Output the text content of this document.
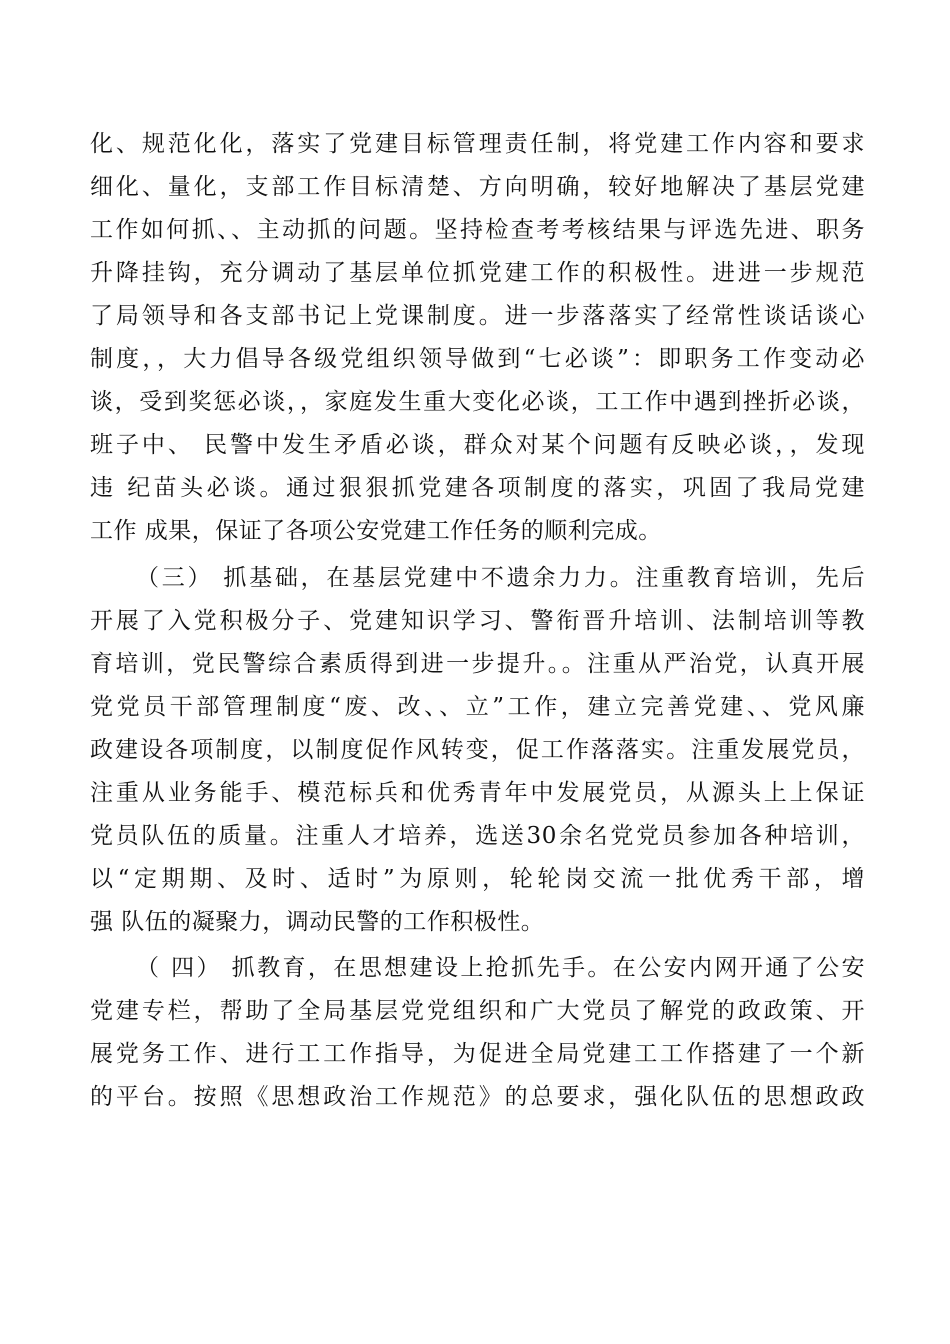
化、规范化化，落实了党建目标管理责任制，将党建工作内容和要求
细化、量化，支部工作目标清楚、方向明确，较好地解决了基层党建
工作如何抓、、主动抓的问题。坚持检查考考核结果与评选先进、职务
升降挂钩，充分调动了基层单位抓党建工作的积极性。进进一步规范
了局领导和各支部书记上党课制度。进一步落落实了经常性谈话谈心
制度，，大力倡导各级党组织领导做到“七必谈”：即职务工作变动必
谈，受到奖惩必谈，，家庭发生重大变化必谈，工工作中遇到挫折必谈，
班子中、 民警中发生矛盾必谈，群众对某个问题有反映必谈，，发现
违 纪苗头必谈。通过狠狠抓党建各项制度的落实，巩固了我局党建
工作 成果，保证了各项公安党建工作任务的顺利完成。
（三） 抓基础，在基层党建中不遗余力力。注重教育培训，先后
开展了入党积极分子、党建知识学习、警衔晋升培训、法制培训等教
育培训，党民警综合素质得到进一步提升。。注重从严治党，认真开展
党党员干部管理制度“废、改、、立”工作，建立完善党建、、党风廉
政建设各项制度，以制度促作风转变，促工作落落实。注重发展党员，
注重从业务能手、模范标兵和优秀青年中发展党员，从源头上上保证
党员队伍的质量。注重人才培养，选送30余名党党员参加各种培训，
以“定期期、及时、适时”为原则，轮轮岗交流一批优秀干部，增
强 队伍的凝聚力，调动民警的工作积极性。
（ 四） 抓教育，在思想建设上抢抓先手。在公安内网开通了公安
党建专栏，帮助了全局基层党党组织和广大党员了解党的政政策、开
展党务工作、进行工工作指导，为促进全局党建工工作搭建了一个新
的平台。按照《思想政治工作规范》的总要求，强化队伍的思想政政
